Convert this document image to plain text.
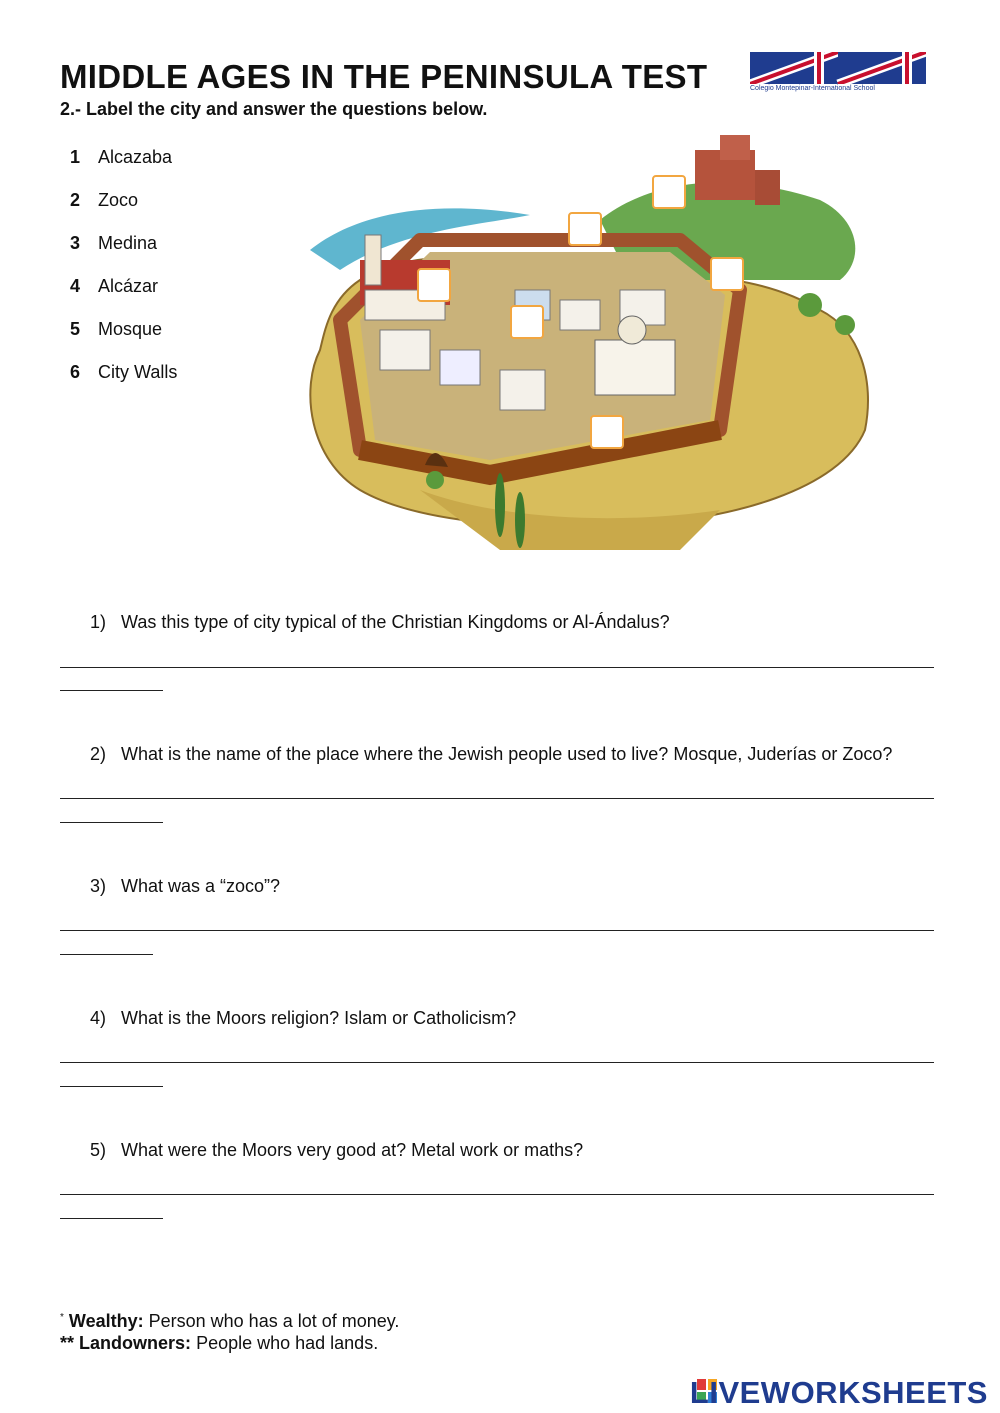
MIDDLE AGES IN THE PENINSULA TEST
2.- Label the city and answer the questions below.
Colegio Montepinar-International School
1 Alcazaba
2 Zoco
3 Medina
4 Alcázar
5 Mosque
6 City Walls
1) Was this type of city typical of the Christian Kingdoms or Al-Ándalus?
2) What is the name of the place where the Jewish people used to live? Mosque, Juderías or Zoco?
3) What was a “zoco”?
4) What is the Moors religion? Islam or Catholicism?
5) What were the Moors very good at? Metal work or maths?
* Wealthy: Person who has a lot of money.
** Landowners: People who had lands.
LIVEWORKSHEETS
